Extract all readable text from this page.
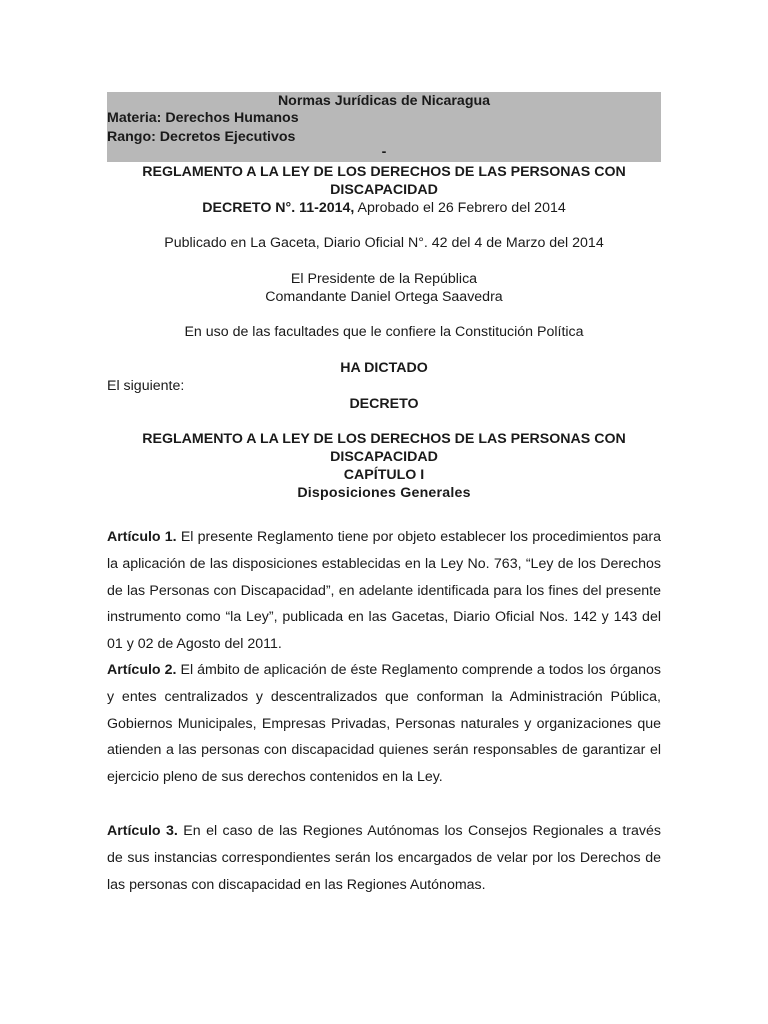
Normas Jurídicas de Nicaragua
Materia: Derechos Humanos
Rango: Decretos Ejecutivos
-
REGLAMENTO A LA LEY DE LOS DERECHOS DE LAS PERSONAS CON
DISCAPACIDAD
DECRETO N°. 11-2014, Aprobado el 26 Febrero del 2014
Publicado en La Gaceta, Diario Oficial N°. 42 del 4 de Marzo del 2014
El Presidente de la República
Comandante Daniel Ortega Saavedra
En uso de las facultades que le confiere la Constitución Política
HA DICTADO
El siguiente:
DECRETO
REGLAMENTO A LA LEY DE LOS DERECHOS DE LAS PERSONAS CON
DISCAPACIDAD
CAPÍTULO I
Disposiciones Generales

Artículo 1. El presente Reglamento tiene por objeto establecer los procedimientos para la aplicación de las disposiciones establecidas en la Ley No. 763, “Ley de los Derechos de las Personas con Discapacidad”, en adelante identificada para los fines del presente instrumento como “la Ley”, publicada en las Gacetas, Diario Oficial Nos. 142 y 143 del 01 y 02 de Agosto del 2011.

Artículo 2. El ámbito de aplicación de éste Reglamento comprende a todos los órganos y entes centralizados y descentralizados que conforman la Administración Pública, Gobiernos Municipales, Empresas Privadas, Personas naturales y organizaciones que atienden a las personas con discapacidad quienes serán responsables de garantizar el ejercicio pleno de sus derechos contenidos en la Ley.

Artículo 3. En el caso de las Regiones Autónomas los Consejos Regionales a través de sus instancias correspondientes serán los encargados de velar por los Derechos de las personas con discapacidad en las Regiones Autónomas.
